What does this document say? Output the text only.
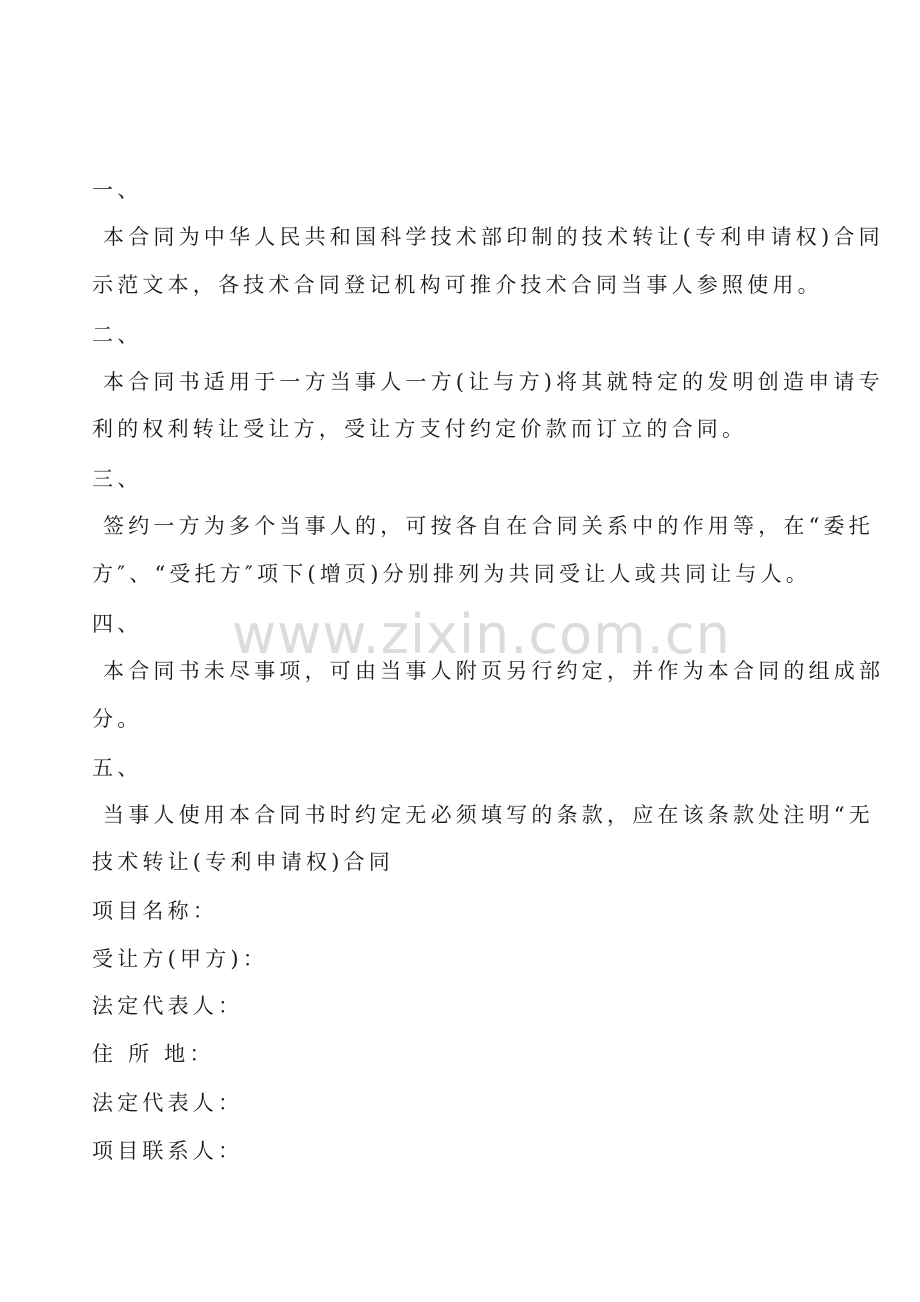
www.zixin.com.cn
一、
本合同为中华人民共和国科学技术部印制的技术转让(专利申请权)合同
示范文本，各技术合同登记机构可推介技术合同当事人参照使用。
二、
本合同书适用于一方当事人一方(让与方)将其就特定的发明创造申请专
利的权利转让受让方，受让方支付约定价款而订立的合同。
三、
签约一方为多个当事人的，可按各自在合同关系中的作用等，在“委托
方″、“受托方″项下(增页)分别排列为共同受让人或共同让与人。
四、
本合同书未尽事项，可由当事人附页另行约定，并作为本合同的组成部
分。
五、
当事人使用本合同书时约定无必须填写的条款，应在该条款处注明“无
技术转让(专利申请权)合同
项目名称：
受让方(甲方)：
法定代表人：
住 所 地：
法定代表人：
项目联系人：
